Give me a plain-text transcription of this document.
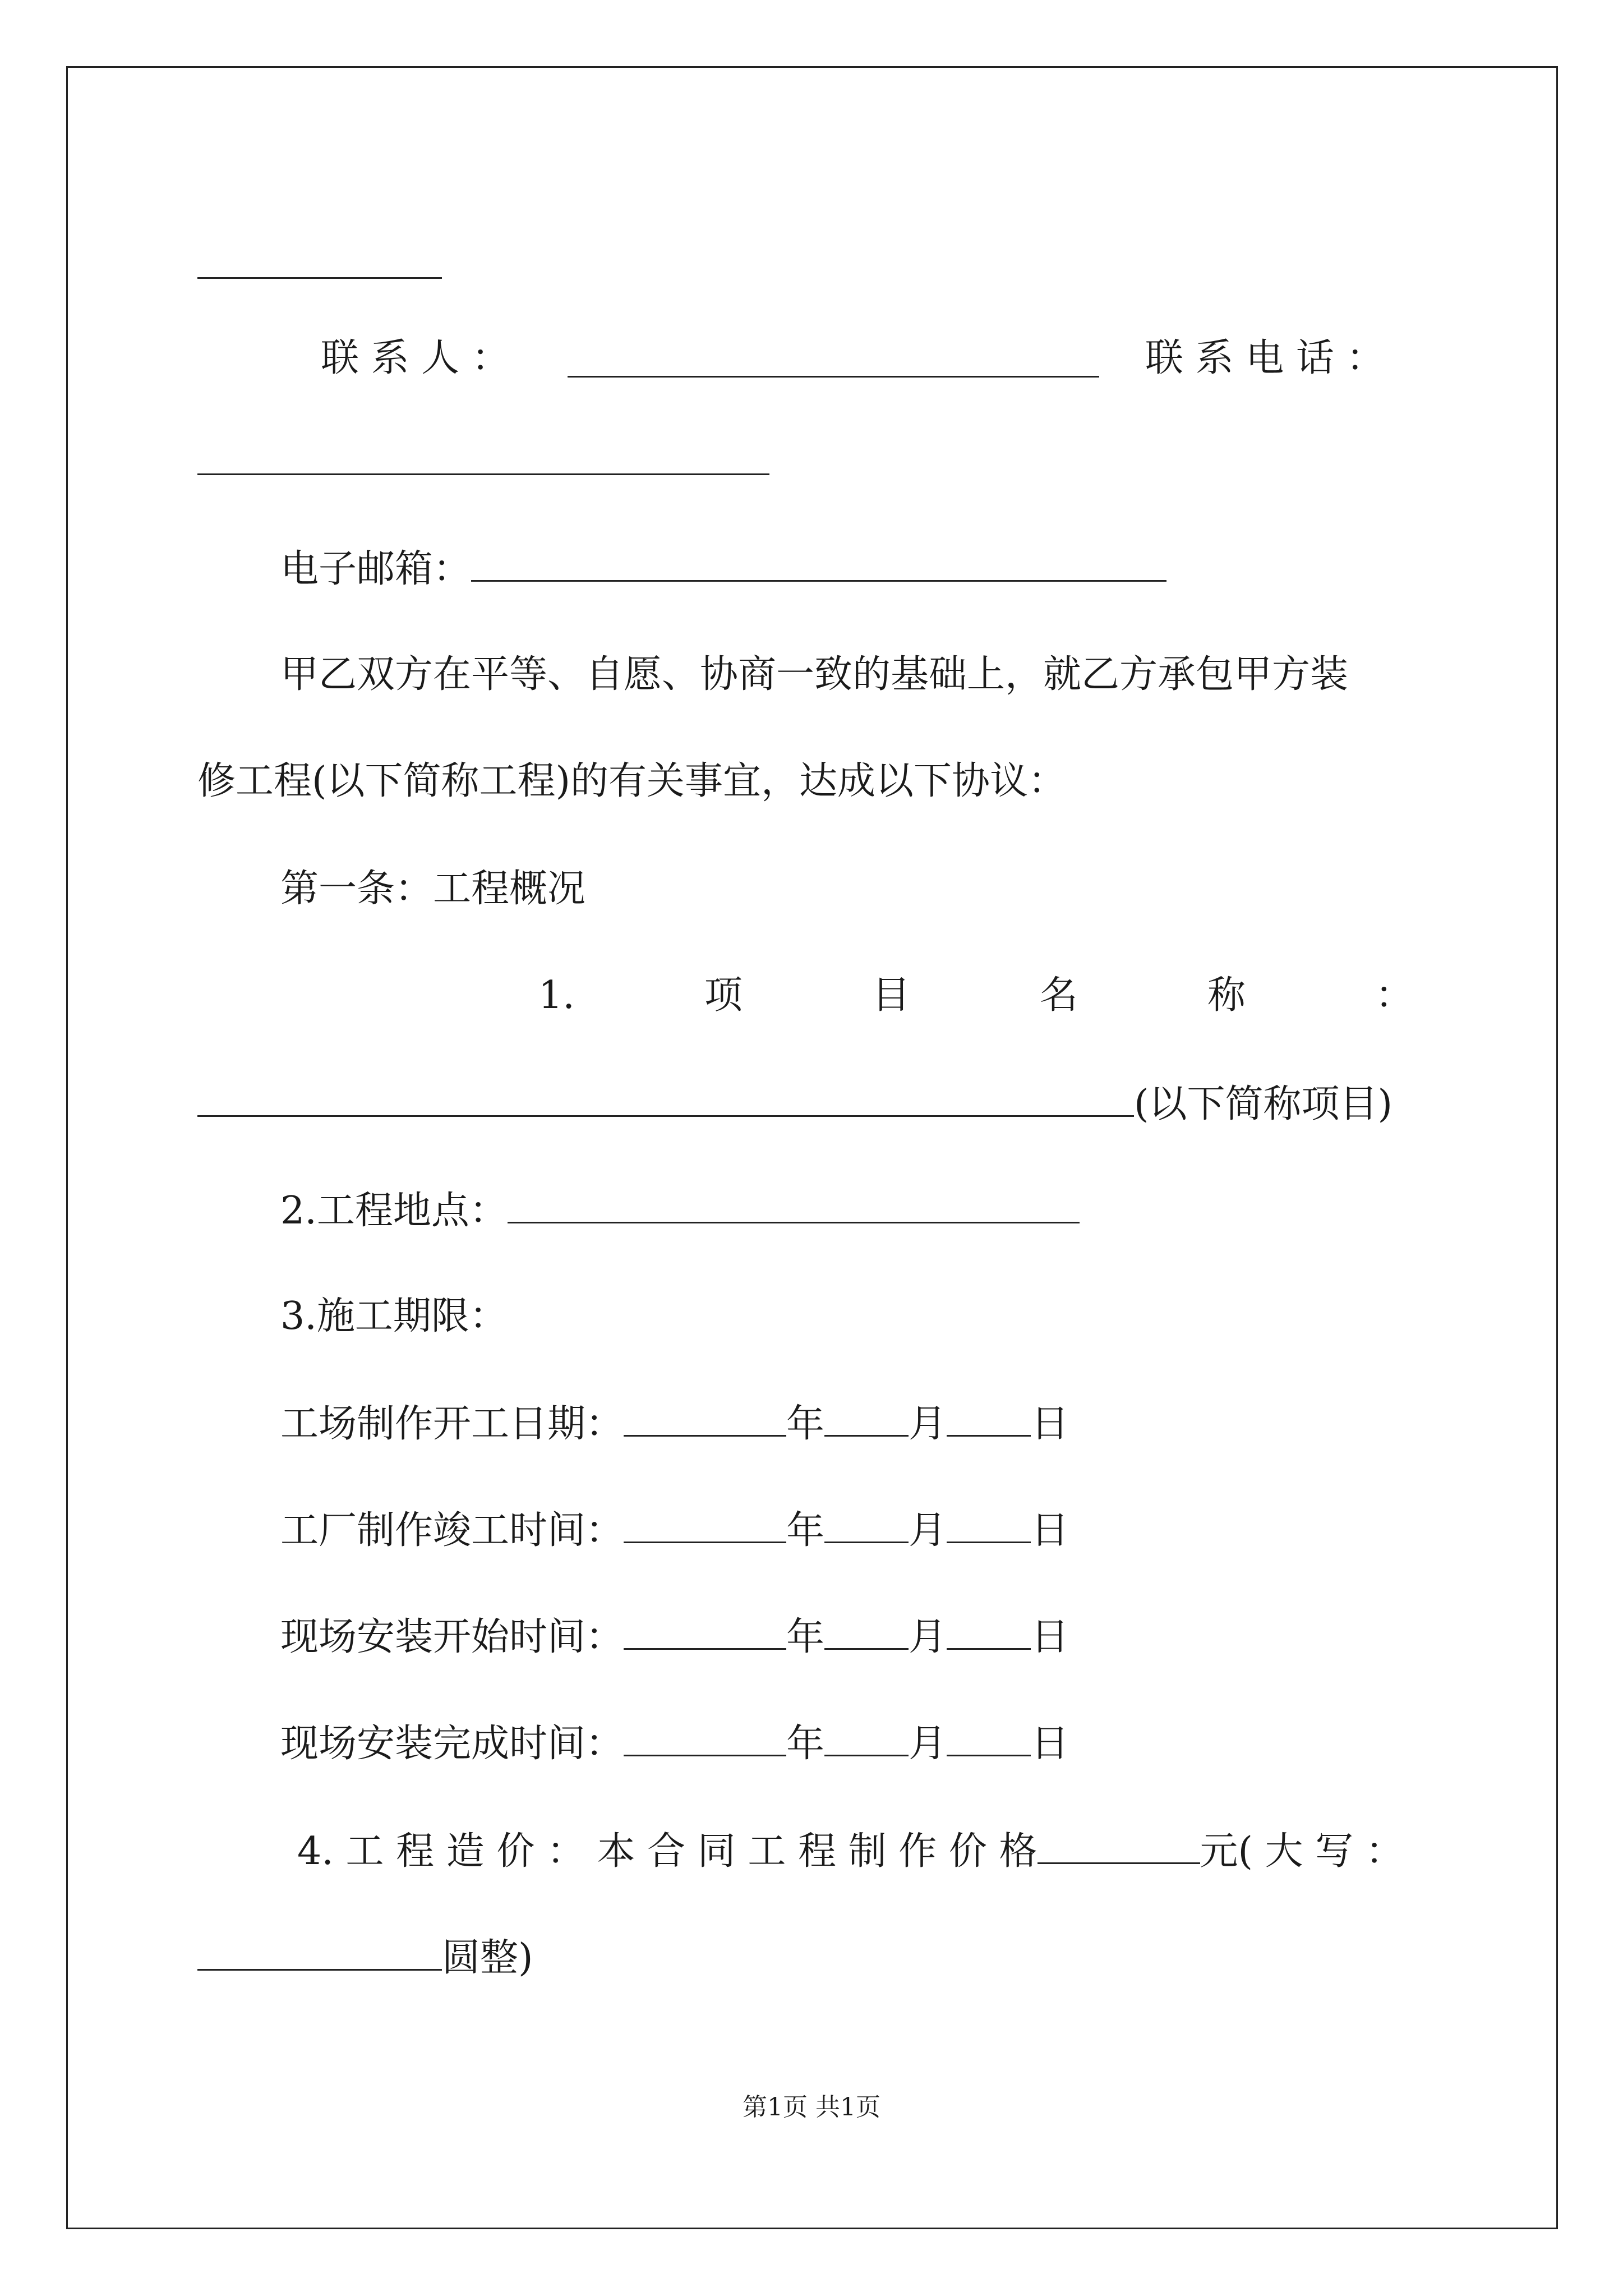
联 系 人 ：	联 系 电 话 ：
电子邮箱：
甲乙双方在平等、自愿、协商一致的基础上，就乙方承包甲方装
修工程(以下简称工程)的有关事宜，达成以下协议：
第一条：工程概况
1.	项	目	名	称	：
(以下简称项目)
2.工程地点：
3.施工期限：
工场制作开工日期：	年 月 日
工厂制作竣工时间：	年 月 日
现场安装开始时间：	年 月 日
现场安装完成时间：	年 月 日
4. 工 程 造 价 ： 本 合 同 工 程 制 作 价 格	元( 大 写 ：
圆整)
第1页 共1页
